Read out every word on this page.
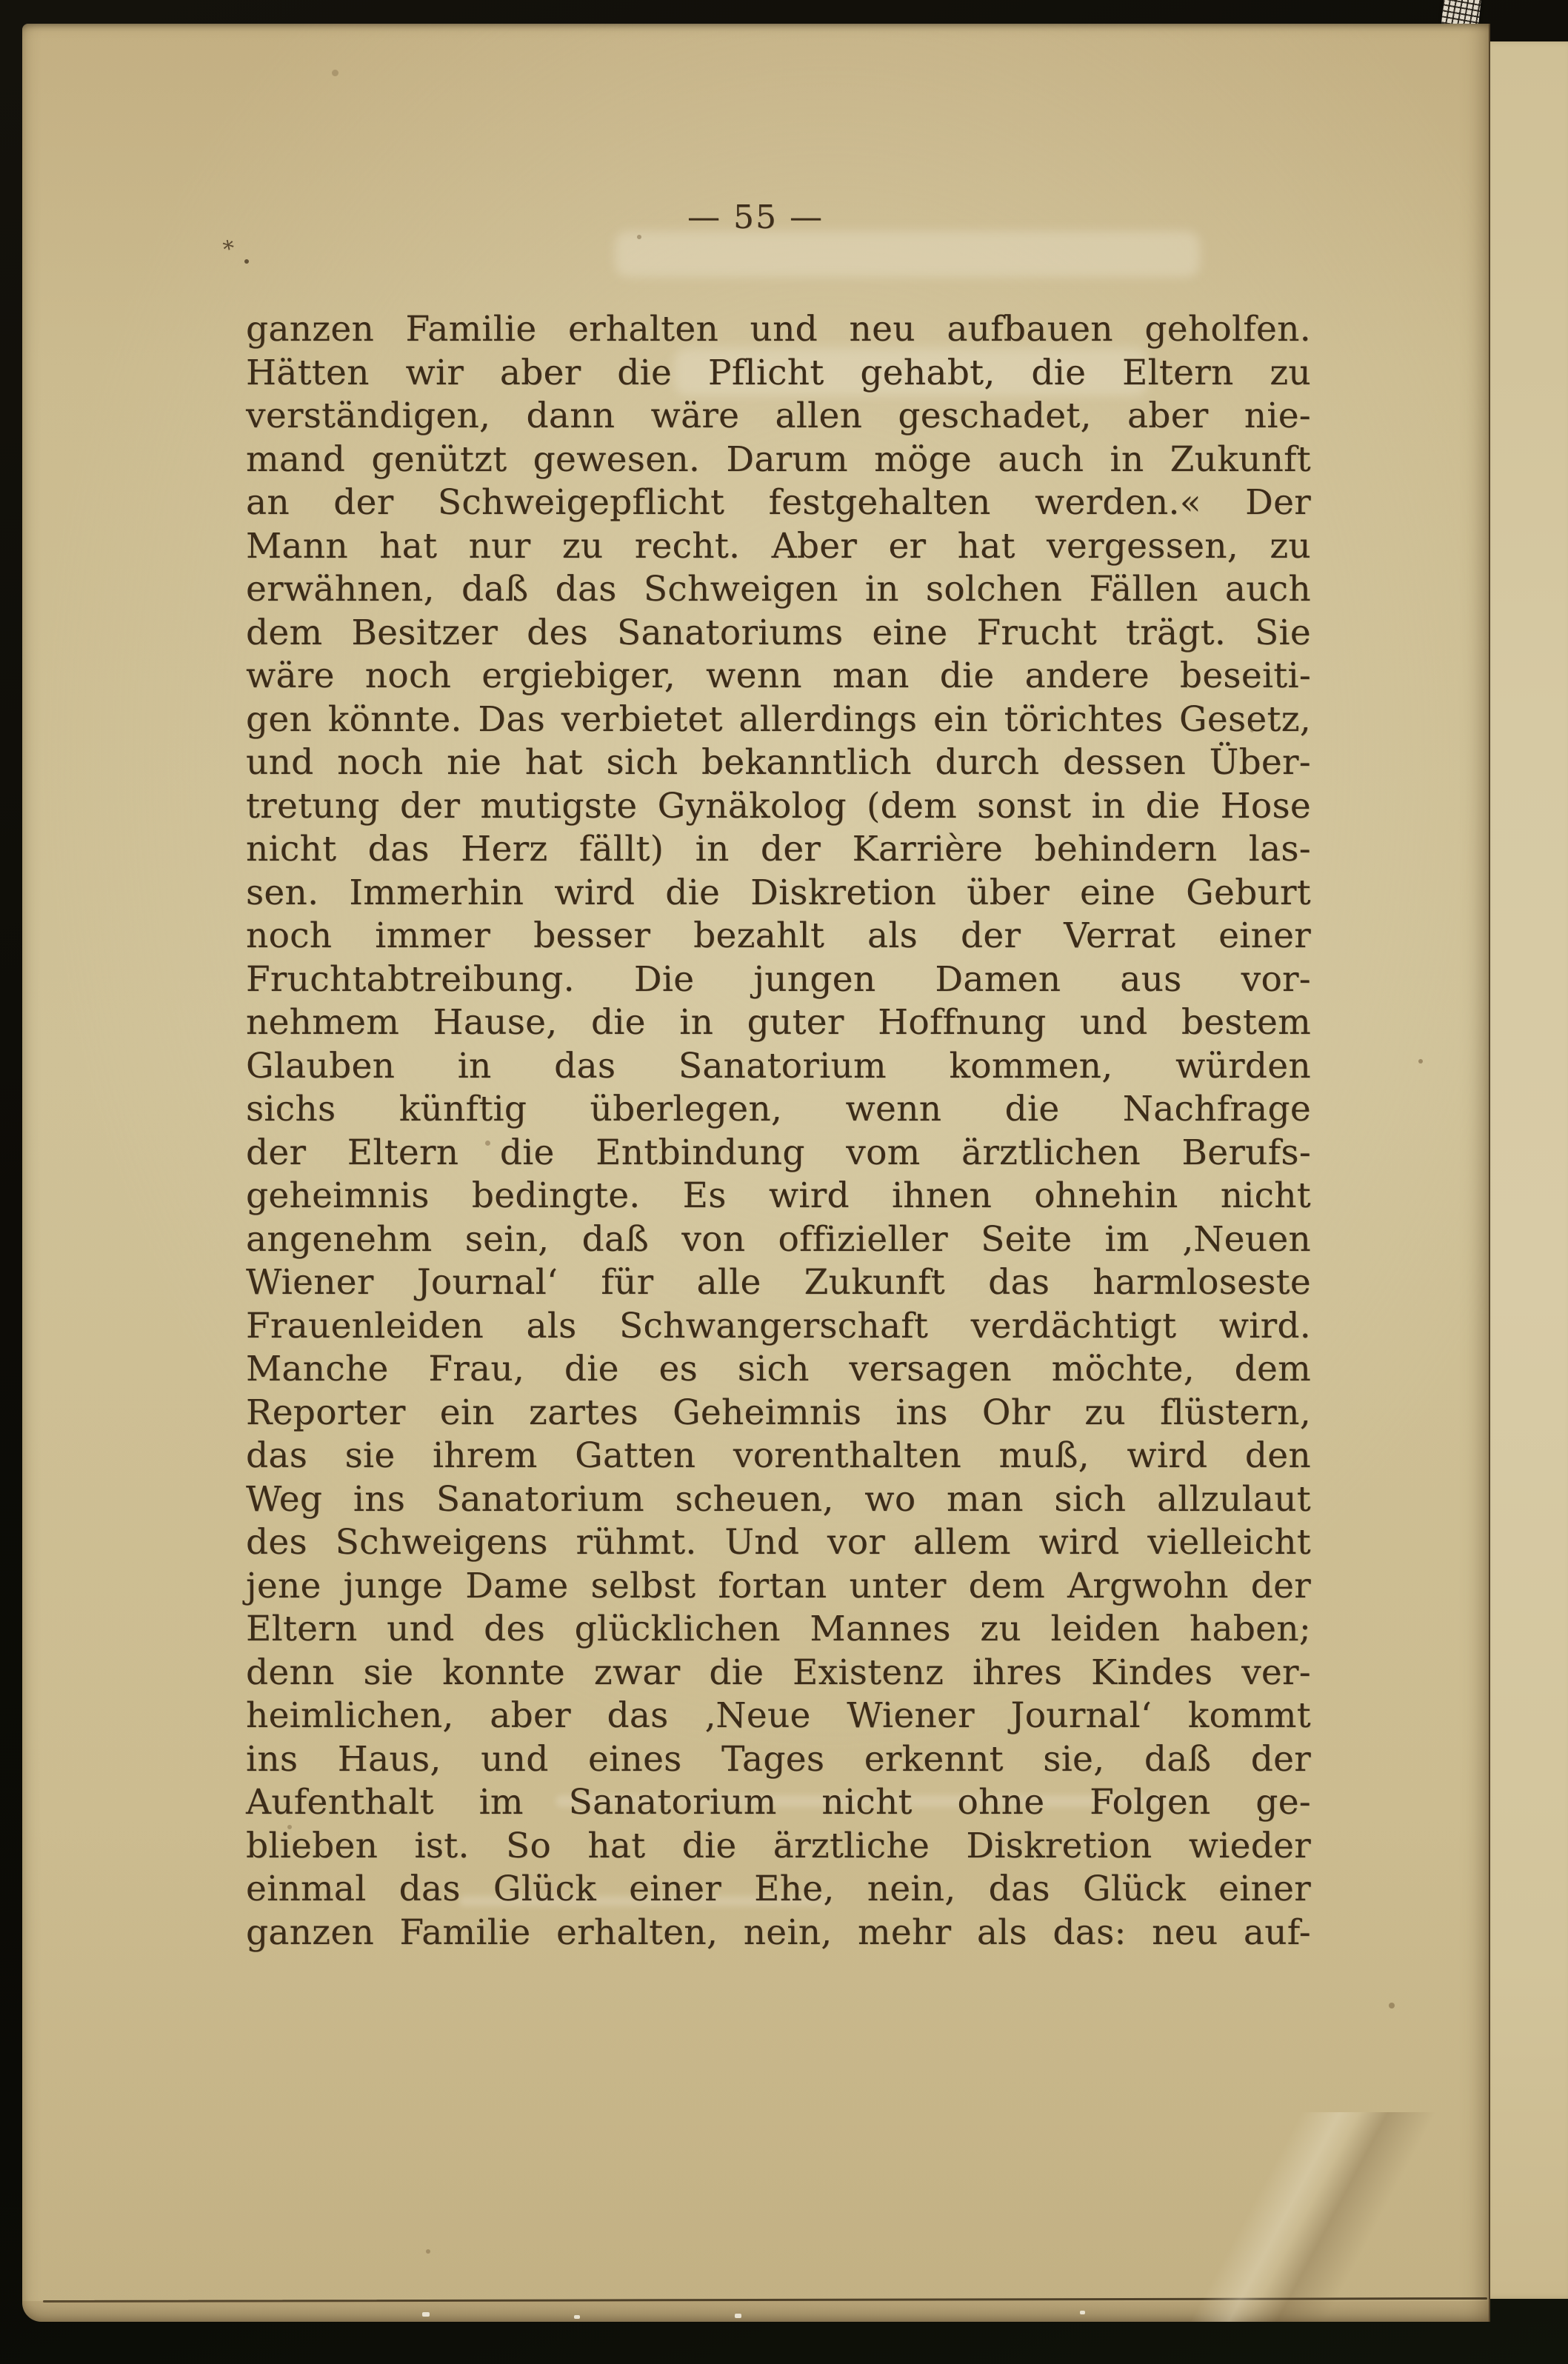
— 55 —
ganzen Familie erhalten und neu aufbauen geholfen.
Hätten wir aber die Pflicht gehabt, die Eltern zu
verständigen, dann wäre allen geschadet, aber nie-
mand genützt gewesen. Darum möge auch in Zukunft
an der Schweigepflicht festgehalten werden.« Der
Mann hat nur zu recht. Aber er hat vergessen, zu
erwähnen, daß das Schweigen in solchen Fällen auch
dem Besitzer des Sanatoriums eine Frucht trägt. Sie
wäre noch ergiebiger, wenn man die andere beseiti-
gen könnte. Das verbietet allerdings ein törichtes Gesetz,
und noch nie hat sich bekanntlich durch dessen Über-
tretung der mutigste Gynäkolog (dem sonst in die Hose
nicht das Herz fällt) in der Karrière behindern las-
sen. Immerhin wird die Diskretion über eine Geburt
noch immer besser bezahlt als der Verrat einer
Fruchtabtreibung. Die jungen Damen aus vor-
nehmem Hause, die in guter Hoffnung und bestem
Glauben in das Sanatorium kommen, würden
sichs künftig überlegen, wenn die Nachfrage
der Eltern die Entbindung vom ärztlichen Berufs-
geheimnis bedingte. Es wird ihnen ohnehin nicht
angenehm sein, daß von offizieller Seite im ‚Neuen
Wiener Journal‘ für alle Zukunft das harmloseste
Frauenleiden als Schwangerschaft verdächtigt wird.
Manche Frau, die es sich versagen möchte, dem
Reporter ein zartes Geheimnis ins Ohr zu flüstern,
das sie ihrem Gatten vorenthalten muß, wird den
Weg ins Sanatorium scheuen, wo man sich allzulaut
des Schweigens rühmt. Und vor allem wird vielleicht
jene junge Dame selbst fortan unter dem Argwohn der
Eltern und des glücklichen Mannes zu leiden haben;
denn sie konnte zwar die Existenz ihres Kindes ver-
heimlichen, aber das ‚Neue Wiener Journal‘ kommt
ins Haus, und eines Tages erkennt sie, daß der
Aufenthalt im Sanatorium nicht ohne Folgen ge-
blieben ist. So hat die ärztliche Diskretion wieder
einmal das Glück einer Ehe, nein, das Glück einer
ganzen Familie erhalten, nein, mehr als das: neu auf-
*
